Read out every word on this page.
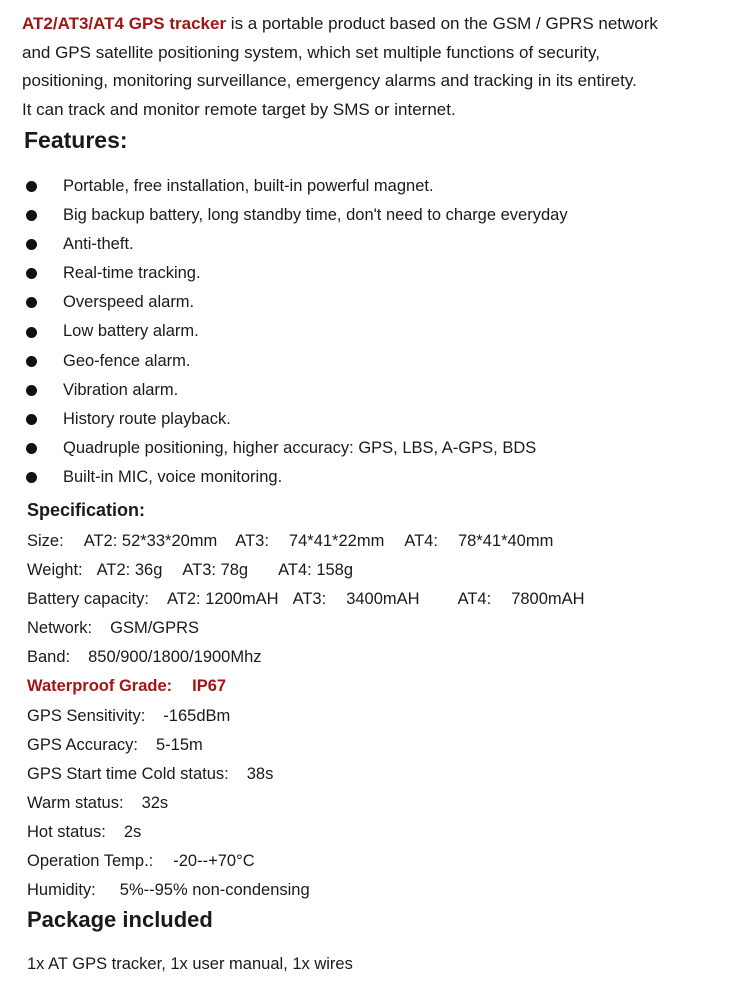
AT2/AT3/AT4 GPS tracker is a portable product based on the GSM / GPRS network
and GPS satellite positioning system, which set multiple functions of security,
positioning, monitoring surveillance, emergency alarms and tracking in its entirety.
It can track and monitor remote target by SMS or internet.
Features:
Portable, free installation, built-in powerful magnet.
Big backup battery, long standby time, don't need to charge everyday
Anti-theft.
Real-time tracking.
Overspeed alarm.
Low battery alarm.
Geo-fence alarm.
Vibration alarm.
History route playback.
Quadruple positioning, higher accuracy: GPS, LBS, A-GPS, BDS
Built-in MIC, voice monitoring.
Specification:
Size: AT2: 52*33*20mm AT3: 74*41*22mm AT4: 78*41*40mm
Weight: AT2: 36g AT3: 78g AT4: 158g
Battery capacity: AT2: 1200mAH AT3: 3400mAH AT4: 7800mAH
Network: GSM/GPRS
Band: 850/900/1800/1900Mhz
Waterproof Grade: IP67
GPS Sensitivity: -165dBm
GPS Accuracy: 5-15m
GPS Start time Cold status: 38s
Warm status: 32s
Hot status: 2s
Operation Temp.: -20--+70°C
Humidity: 5%--95% non-condensing
Package included
1x AT GPS tracker, 1x user manual, 1x wires
